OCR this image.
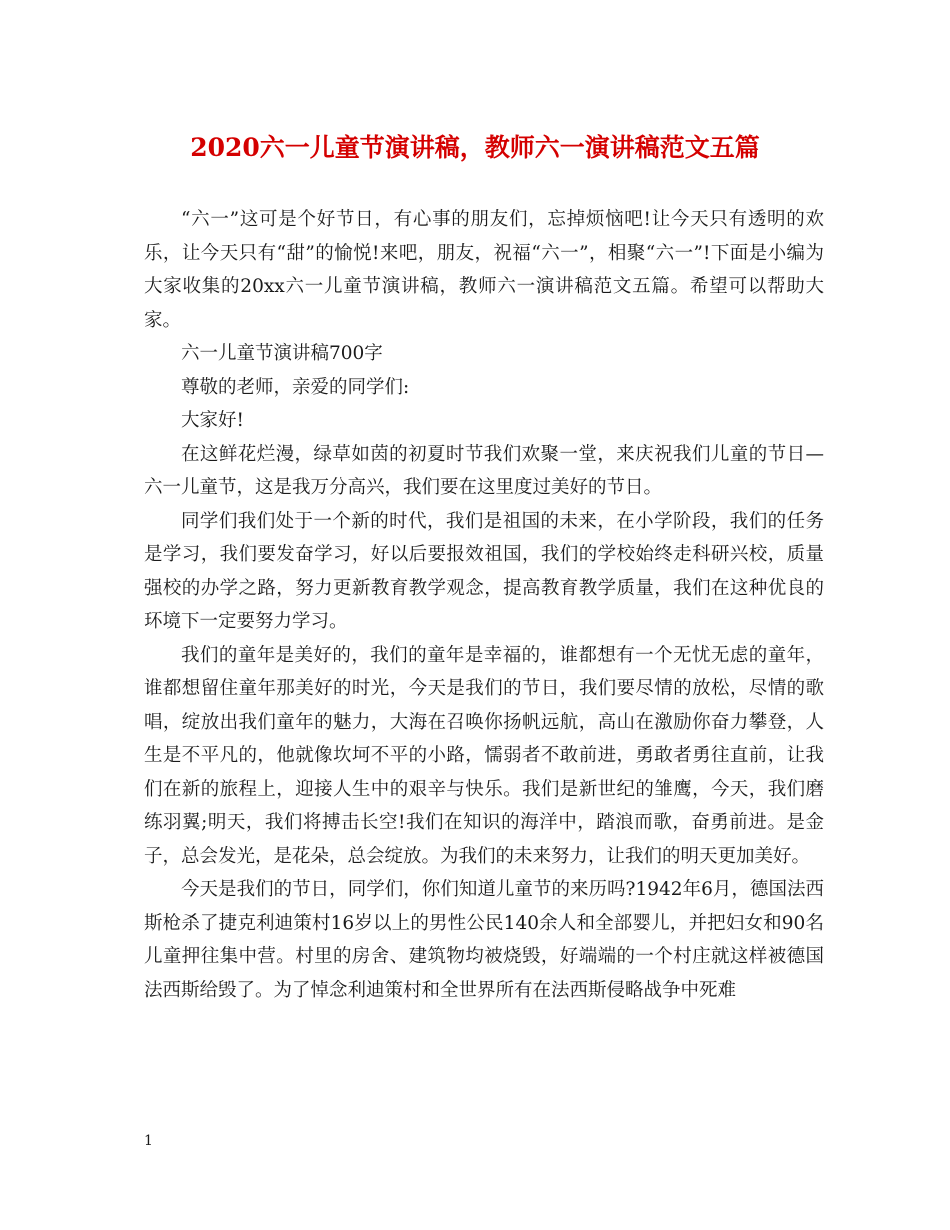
2020六一儿童节演讲稿，教师六一演讲稿范文五篇

“六一”这可是个好节日，有心事的朋友们，忘掉烦恼吧!让今天只有透明的欢乐，让今天只有“甜”的愉悦!来吧，朋友，祝福“六一”，相聚“六一”!下面是小编为大家收集的20xx六一儿童节演讲稿，教师六一演讲稿范文五篇。希望可以帮助大家。

六一儿童节演讲稿700字

尊敬的老师，亲爱的同学们:

大家好!

在这鲜花烂漫，绿草如茵的初夏时节我们欢聚一堂，来庆祝我们儿童的节日—六一儿童节，这是我万分高兴，我们要在这里度过美好的节日。

同学们我们处于一个新的时代，我们是祖国的未来，在小学阶段，我们的任务是学习，我们要发奋学习，好以后要报效祖国，我们的学校始终走科研兴校，质量强校的办学之路，努力更新教育教学观念，提高教育教学质量，我们在这种优良的环境下一定要努力学习。

我们的童年是美好的，我们的童年是幸福的，谁都想有一个无忧无虑的童年，谁都想留住童年那美好的时光，今天是我们的节日，我们要尽情的放松，尽情的歌唱，绽放出我们童年的魅力，大海在召唤你扬帆远航，高山在激励你奋力攀登，人生是不平凡的，他就像坎坷不平的小路，懦弱者不敢前进，勇敢者勇往直前，让我们在新的旅程上，迎接人生中的艰辛与快乐。我们是新世纪的雏鹰，今天，我们磨练羽翼;明天，我们将搏击长空!我们在知识的海洋中，踏浪而歌，奋勇前进。是金子，总会发光，是花朵，总会绽放。为我们的未来努力，让我们的明天更加美好。

今天是我们的节日，同学们，你们知道儿童节的来历吗?1942年6月，德国法西斯枪杀了捷克利迪策村16岁以上的男性公民140余人和全部婴儿，并把妇女和90名儿童押往集中营。村里的房舍、建筑物均被烧毁，好端端的一个村庄就这样被德国法西斯给毁了。为了悼念利迪策村和全世界所有在法西斯侵略战争中死难

1
